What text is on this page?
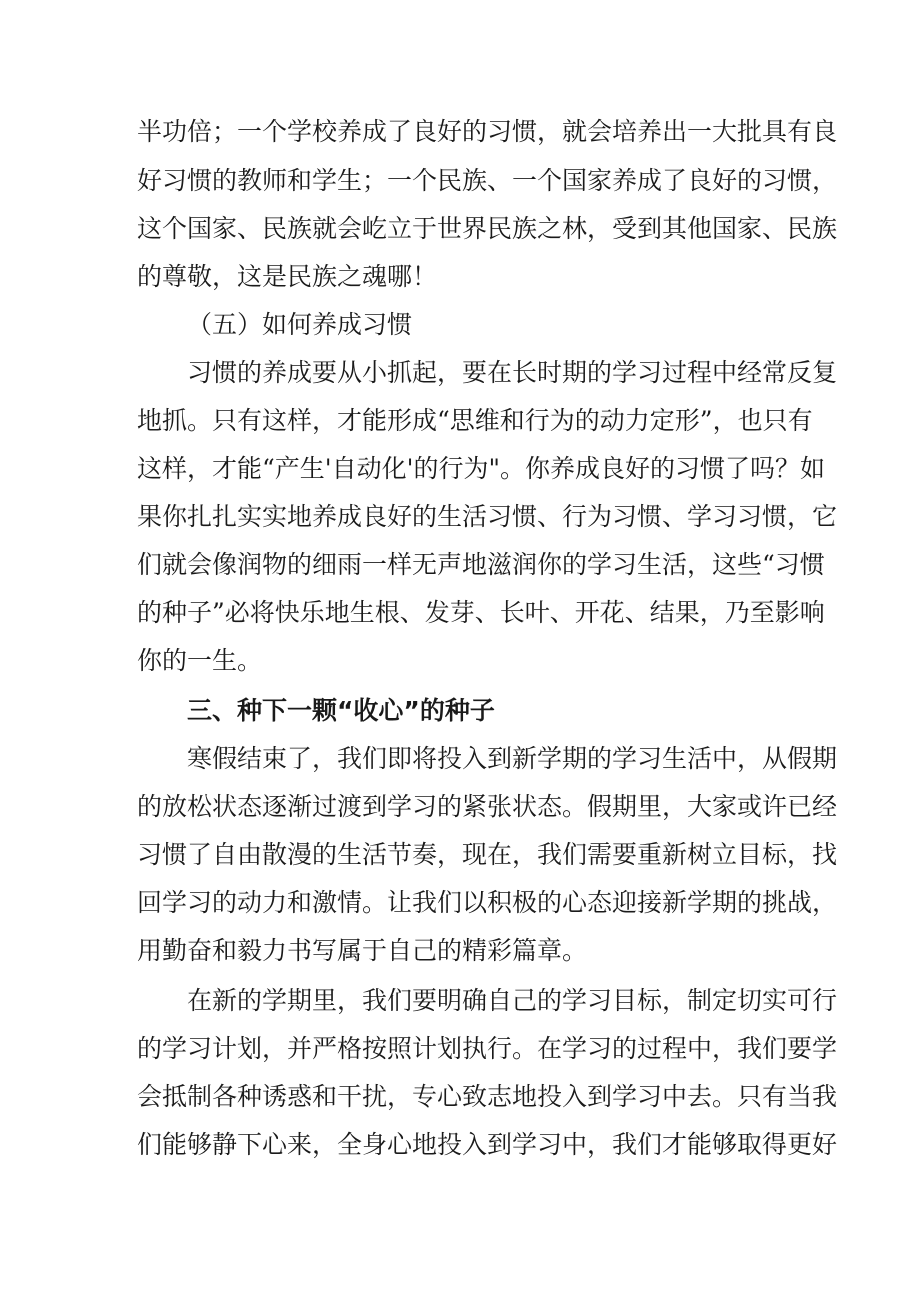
半功倍；一个学校养成了良好的习惯，就会培养出一大批具有良
好习惯的教师和学生；一个民族、一个国家养成了良好的习惯，
这个国家、民族就会屹立于世界民族之林，受到其他国家、民族
的尊敬，这是民族之魂哪！
（五）如何养成习惯
习惯的养成要从小抓起，要在长时期的学习过程中经常反复
地抓。只有这样，才能形成“思维和行为的动力定形”，也只有
这样，才能“产生'自动化'的行为"。你养成良好的习惯了吗？如
果你扎扎实实地养成良好的生活习惯、行为习惯、学习习惯，它
们就会像润物的细雨一样无声地滋润你的学习生活，这些“习惯
的种子”必将快乐地生根、发芽、长叶、开花、结果，乃至影响
你的一生。
三、种下一颗“收心”的种子
寒假结束了，我们即将投入到新学期的学习生活中，从假期
的放松状态逐渐过渡到学习的紧张状态。假期里，大家或许已经
习惯了自由散漫的生活节奏，现在，我们需要重新树立目标，找
回学习的动力和激情。让我们以积极的心态迎接新学期的挑战，
用勤奋和毅力书写属于自己的精彩篇章。
在新的学期里，我们要明确自己的学习目标，制定切实可行
的学习计划，并严格按照计划执行。在学习的过程中，我们要学
会抵制各种诱惑和干扰，专心致志地投入到学习中去。只有当我
们能够静下心来，全身心地投入到学习中，我们才能够取得更好
